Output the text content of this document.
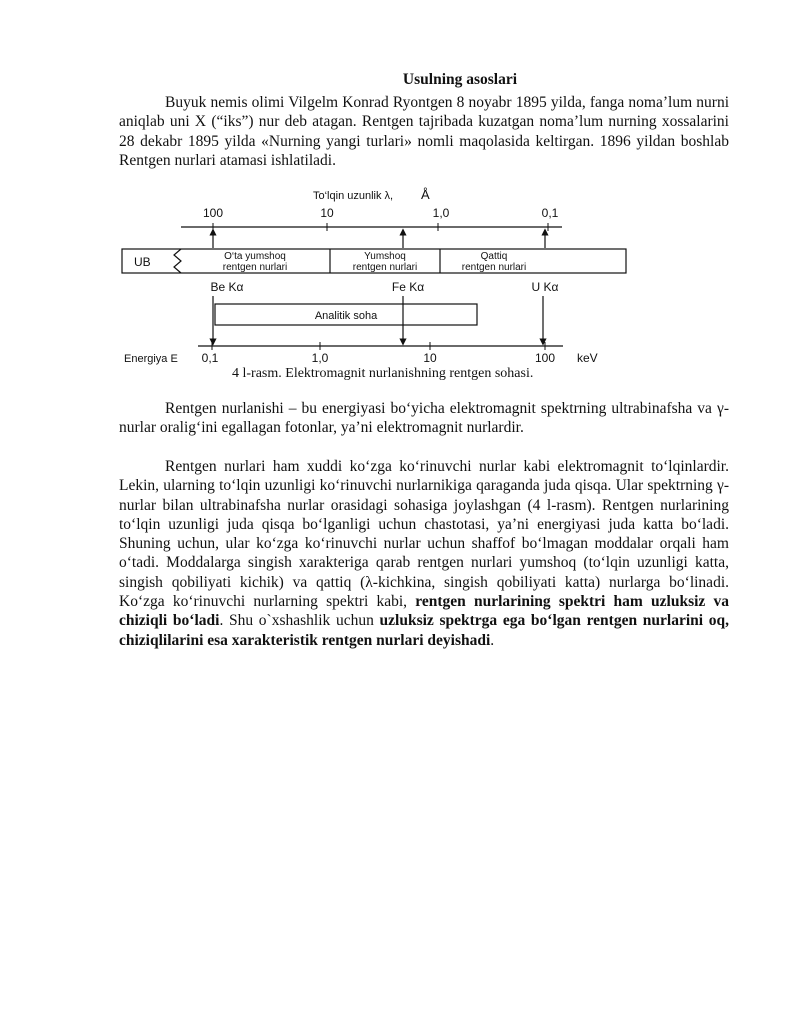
Usulning asoslari

Buyuk nemis olimi Vilgelm Konrad Ryontgen 8 noyabr 1895 yilda, fanga noma’lum nurni aniqlab uni X (“iks”) nur deb atagan. Rentgen tajribada kuzatgan noma’lum nurning xossalarini 28 dekabr 1895 yilda «Nurning yangi turlari» nomli maqolasida keltirgan. 1896 yildan boshlab Rentgen nurlari atamasi ishlatiladi.

To‘lqin uzunlik λ, Å
100	10	1,0	0,1
UB	O‘ta yumshoq
rentgen nurlari
Yumshoq
rentgen nurlari
Qattiq
rentgen nurlari
Be Kα	Fe Kα	U Kα
Analitik soha
Energiya E 0,1	1,0	10	100 keV

4 l-rasm. Elektromagnit nurlanishning rentgen sohasi.

Rentgen nurlanishi – bu energiyasi bo‘yicha elektromagnit spektrning ultrabinafsha va γ-nurlar oralig‘ini egallagan fotonlar, ya’ni elektromagnit nurlardir.

Rentgen nurlari ham xuddi ko‘zga ko‘rinuvchi nurlar kabi elektromagnit to‘lqinlardir. Lekin, ularning to‘lqin uzunligi ko‘rinuvchi nurlarnikiga qaraganda juda qisqa. Ular spektrning γ-nurlar bilan ultrabinafsha nurlar orasidagi sohasiga joylashgan (4 l-rasm). Rentgen nurlarining to‘lqin uzunligi juda qisqa bo‘lganligi uchun chastotasi, ya’ni energiyasi juda katta bo‘ladi. Shuning uchun, ular ko‘zga ko‘rinuvchi nurlar uchun shaffof bo‘lmagan moddalar orqali ham o‘tadi. Moddalarga singish xarakteriga qarab rentgen nurlari yumshoq (to‘lqin uzunligi katta, singish qobiliyati kichik) va qattiq (λ-kichkina, singish qobiliyati katta) nurlarga bo‘linadi. Ko‘zga ko‘rinuvchi nurlarning spektri kabi, rentgen nurlarining spektri ham uzluksiz va chiziqli bo‘ladi. Shu o`xshashlik uchun uzluksiz spektrga ega bo‘lgan rentgen nurlarini oq, chiziqlilarini esa xarakteristik rentgen nurlari deyishadi.
